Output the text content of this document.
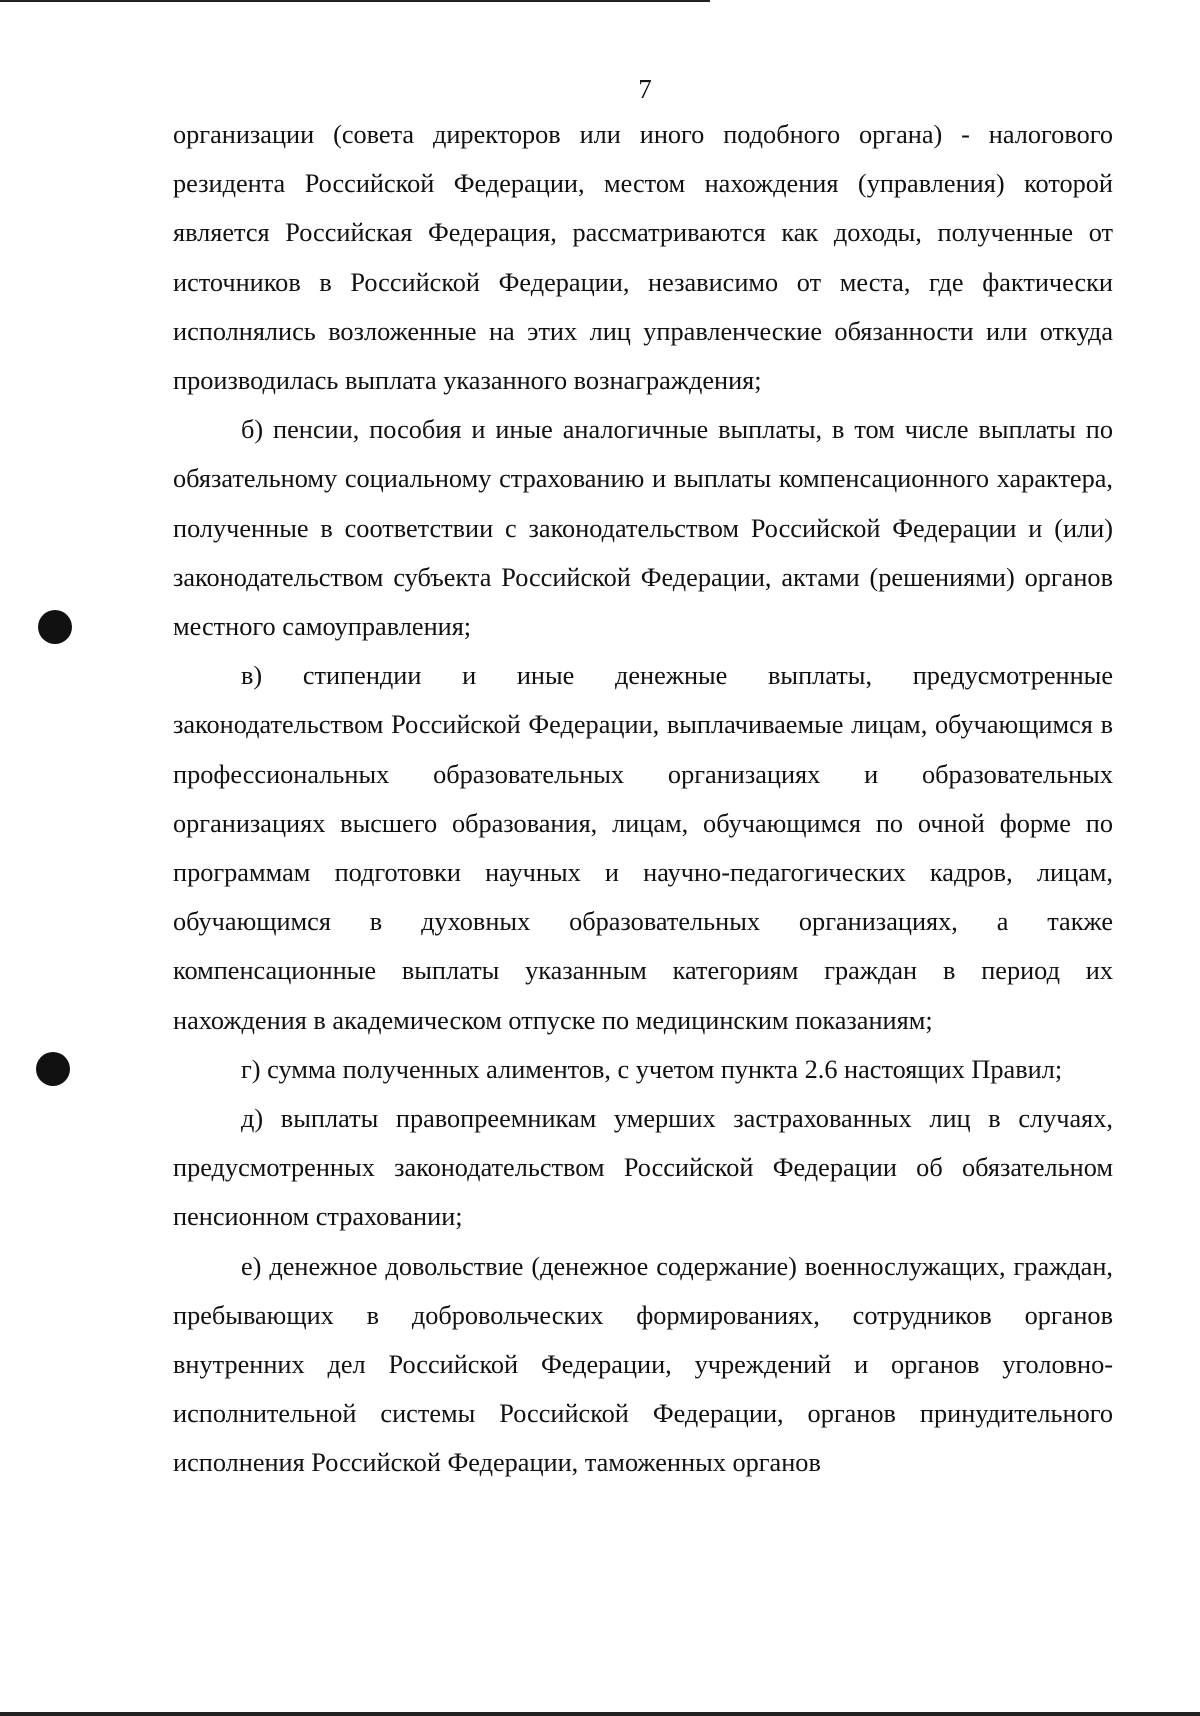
7

организации (совета директоров или иного подобного органа) - налогового резидента Российской Федерации, местом нахождения (управления) которой является Российская Федерация, рассматриваются как доходы, полученные от источников в Российской Федерации, независимо от места, где фактически исполнялись возложенные на этих лиц управленческие обязанности или откуда производилась выплата указанного вознаграждения;

б) пенсии, пособия и иные аналогичные выплаты, в том числе выплаты по обязательному социальному страхованию и выплаты компенсационного характера, полученные в соответствии с законодательством Российской Федерации и (или) законодательством субъекта Российской Федерации, актами (решениями) органов местного самоуправления;

в) стипендии и иные денежные выплаты, предусмотренные законодательством Российской Федерации, выплачиваемые лицам, обучающимся в профессиональных образовательных организациях и образовательных организациях высшего образования, лицам, обучающимся по очной форме по программам подготовки научных и научно-педагогических кадров, лицам, обучающимся в духовных образовательных организациях, а также компенсационные выплаты указанным категориям граждан в период их нахождения в академическом отпуске по медицинским показаниям;

г) сумма полученных алиментов, с учетом пункта 2.6 настоящих Правил;

д) выплаты правопреемникам умерших застрахованных лиц в случаях, предусмотренных законодательством Российской Федерации об обязательном пенсионном страховании;

е) денежное довольствие (денежное содержание) военнослужащих, граждан, пребывающих в добровольческих формированиях, сотрудников органов внутренних дел Российской Федерации, учреждений и органов уголовно-исполнительной системы Российской Федерации, органов принудительного исполнения Российской Федерации, таможенных органов
